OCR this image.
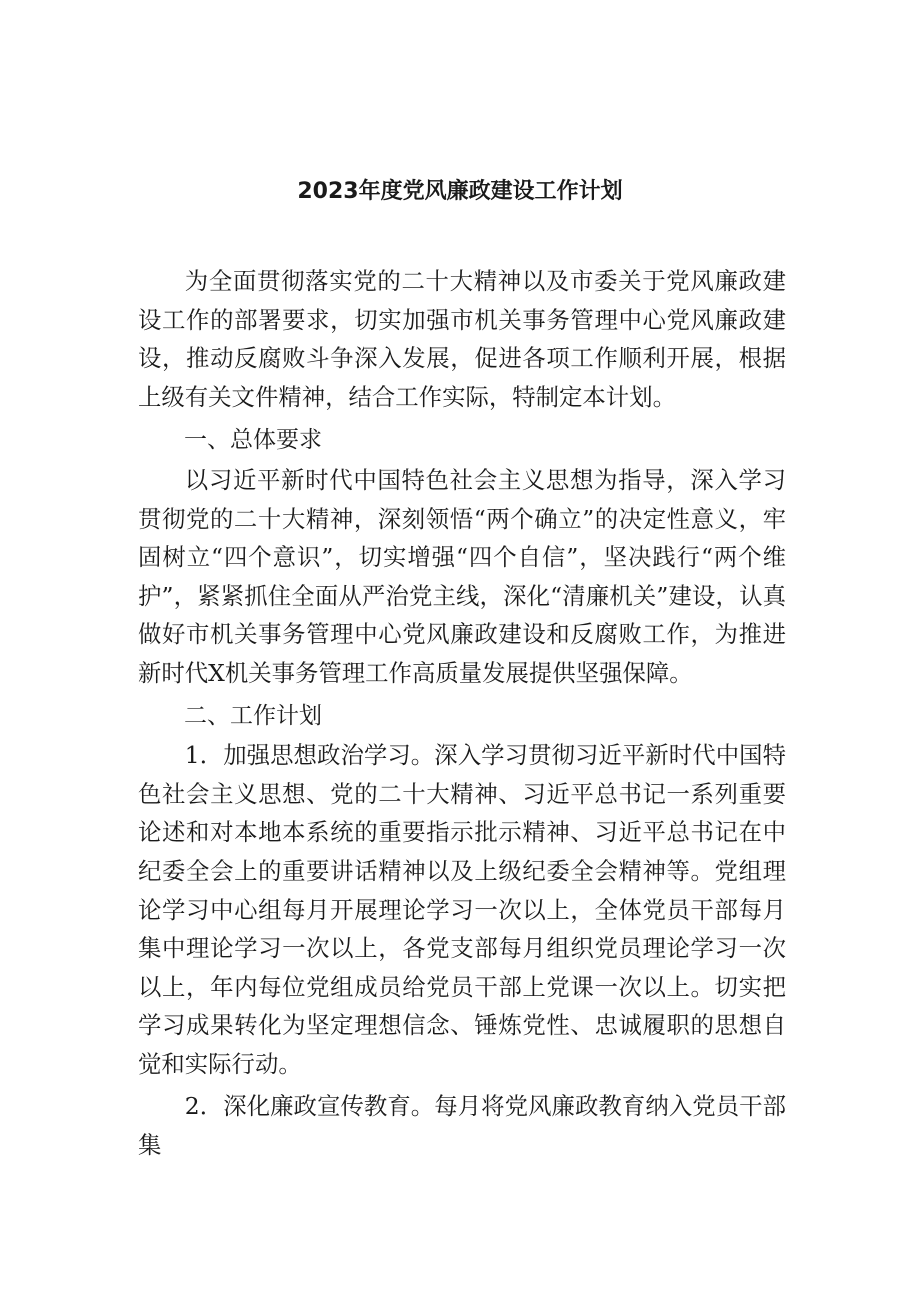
2023年度党风廉政建设工作计划

为全面贯彻落实党的二十大精神以及市委关于党风廉政建设工作的部署要求，切实加强市机关事务管理中心党风廉政建设，推动反腐败斗争深入发展，促进各项工作顺利开展，根据上级有关文件精神，结合工作实际，特制定本计划。

一、总体要求

以习近平新时代中国特色社会主义思想为指导，深入学习贯彻党的二十大精神，深刻领悟“两个确立”的决定性意义，牢固树立“四个意识”，切实增强“四个自信”，坚决践行“两个维护”，紧紧抓住全面从严治党主线，深化“清廉机关”建设，认真做好市机关事务管理中心党风廉政建设和反腐败工作，为推进新时代X机关事务管理工作高质量发展提供坚强保障。

二、工作计划

1．加强思想政治学习。深入学习贯彻习近平新时代中国特色社会主义思想、党的二十大精神、习近平总书记一系列重要论述和对本地本系统的重要指示批示精神、习近平总书记在中纪委全会上的重要讲话精神以及上级纪委全会精神等。党组理论学习中心组每月开展理论学习一次以上，全体党员干部每月集中理论学习一次以上，各党支部每月组织党员理论学习一次以上，年内每位党组成员给党员干部上党课一次以上。切实把学习成果转化为坚定理想信念、锤炼党性、忠诚履职的思想自觉和实际行动。

2．深化廉政宣传教育。每月将党风廉政教育纳入党员干部集
